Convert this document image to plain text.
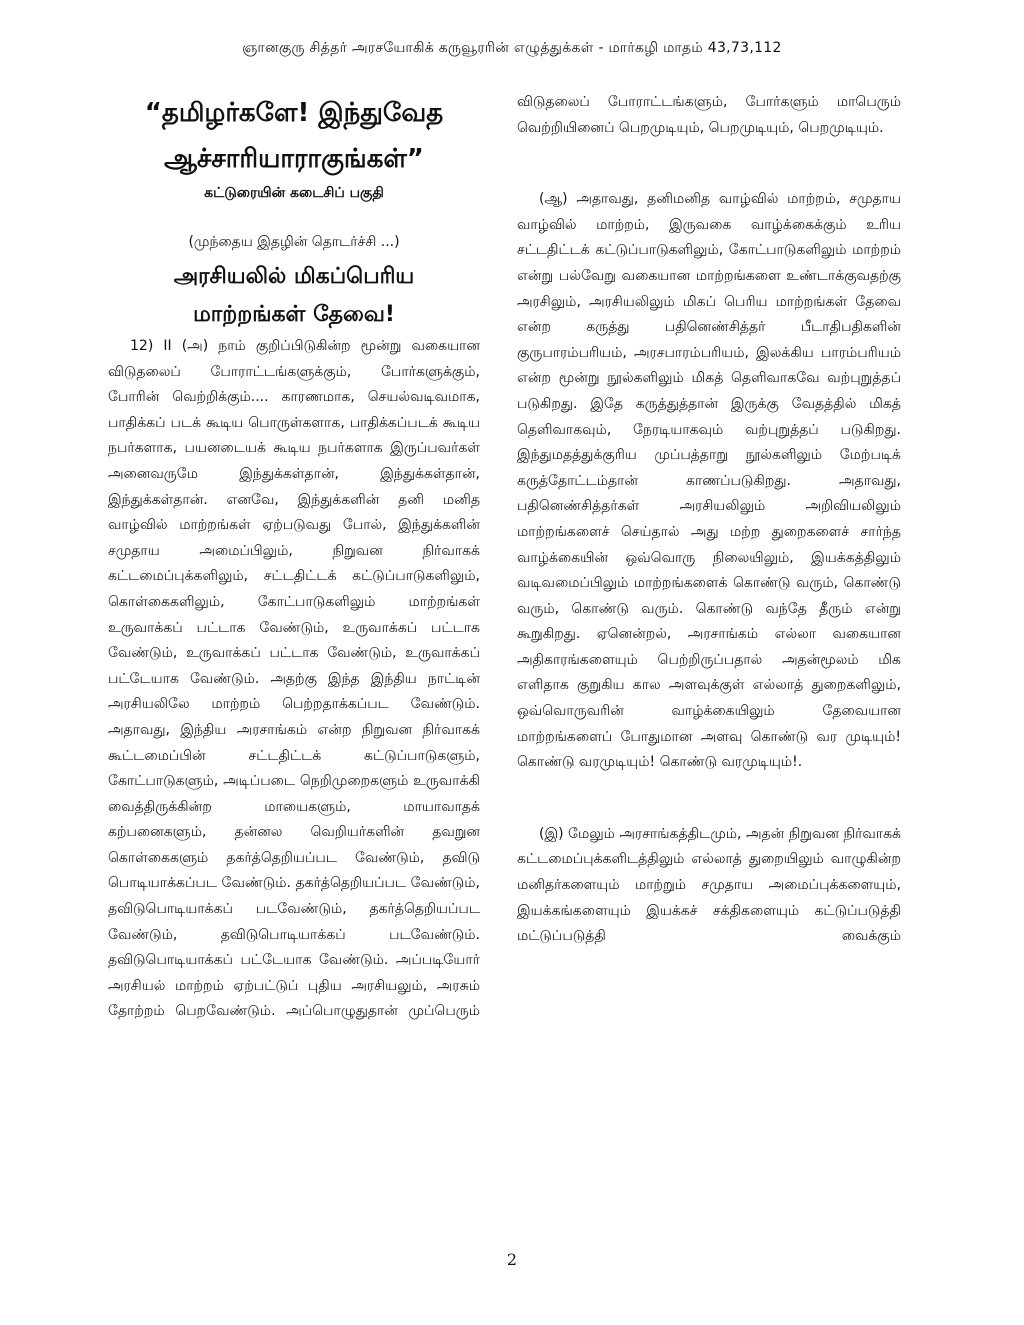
ஞானகுரு சித்தர் அரசயோகிக் கருவூரரின் எழுத்துக்கள் - மார்கழி மாதம் 43,73,112
“தமிழர்களே! இந்துவேத
ஆச்சாரியாராகுங்கள்”
கட்டுரையின் கடைசிப் பகுதி
(முந்தைய இதழின் தொடர்ச்சி ...)
அரசியலில் மிகப்பெரிய
மாற்றங்கள் தேவை!

12) II (அ) நாம் குறிப்பிடுகின்ற மூன்று வகையான விடுதலைப் போராட்டங்களுக்கும், போர்களுக்கும், போரின் வெற்றிக்கும்.... காரணமாக, செயல்வடிவமாக, பாதிக்கப் படக் கூடிய பொருள்களாக, பாதிக்கப்படக் கூடிய நபர்களாக, பயனடையக் கூடிய நபர்களாக இருப்பவர்கள் அனைவருமே இந்துக்கள்தான், இந்துக்கள்தான், இந்துக்கள்தான். எனவே, இந்துக்களின் தனி மனித வாழ்வில் மாற்றங்கள் ஏற்படுவது போல், இந்துக்களின் சமுதாய அமைப்பிலும், நிறுவன நிர்வாகக் கட்டமைப்புக்களிலும், சட்டதிட்டக் கட்டுப்பாடுகளிலும், கொள்கைகளிலும், கோட்பாடுகளிலும் மாற்றங்கள் உருவாக்கப் பட்டாக வேண்டும், உருவாக்கப் பட்டாக வேண்டும், உருவாக்கப் பட்டாக வேண்டும், உருவாக்கப் பட்டேயாக வேண்டும். அதற்கு இந்த இந்திய நாட்டின் அரசியலிலே மாற்றம் பெற்றதாக்கப்பட வேண்டும். அதாவது, இந்திய அரசாங்கம் என்ற நிறுவன நிர்வாகக் கூட்டமைப்பின் சட்டதிட்டக் கட்டுப்பாடுகளும், கோட்பாடுகளும், அடிப்படை நெறிமுறைகளும் உருவாக்கி வைத்திருக்கின்ற மாயைகளும், மாயாவாதக் கற்பனைகளும், தன்னல வெறியர்களின் தவறுன கொள்கைகளும் தகர்த்தெறியப்பட வேண்டும், தவிடு பொடியாக்கப்பட வேண்டும். தகர்த்தெறியப்பட வேண்டும், தவிடுபொடியாக்கப் படவேண்டும், தகர்த்தெறியப்பட வேண்டும், தவிடுபொடியாக்கப் படவேண்டும். தவிடுபொடியாக்கப் பட்டேயாக வேண்டும். அப்படியோர் அரசியல் மாற்றம் ஏற்பட்டுப் புதிய அரசியலும், அரசும் தோற்றம் பெறவேண்டும். அப்பொழுதுதான் முப்பெரும்

விடுதலைப் போராட்டங்களும், போர்களும் மாபெரும் வெற்றியினைப் பெறமுடியும், பெறமுடியும், பெறமுடியும்.

(ஆ) அதாவது, தனிமனித வாழ்வில் மாற்றம், சமுதாய வாழ்வில் மாற்றம், இருவகை வாழ்க்கைக்கும் உரிய சட்டதிட்டக் கட்டுப்பாடுகளிலும், கோட்பாடுகளிலும் மாற்றம் என்று பல்வேறு வகையான மாற்றங்களை உண்டாக்குவதற்கு அரசிலும், அரசியலிலும் மிகப் பெரிய மாற்றங்கள் தேவை என்ற கருத்து பதினெண்சித்தர் பீடாதிபதிகளின் குருபாரம்பரியம், அரசபாரம்பரியம், இலக்கிய பாரம்பரியம் என்ற மூன்று நூல்களிலும் மிகத் தெளிவாகவே வற்புறுத்தப் படுகிறது. இதே கருத்துத்தான் இருக்கு வேதத்தில் மிகத் தெளிவாகவும், நேரடியாகவும் வற்புறுத்தப் படுகிறது. இந்துமதத்துக்குரிய முப்பத்தாறு நூல்களிலும் மேற்படிக் கருத்தோட்டம்தான் காணப்படுகிறது. அதாவது, பதினெண்சித்தர்கள் அரசியலிலும் அறிவியலிலும் மாற்றங்களைச் செய்தால் அது மற்ற துறைகளைச் சார்ந்த வாழ்க்கையின் ஒவ்வொரு நிலையிலும், இயக்கத்திலும் வடிவமைப்பிலும் மாற்றங்களைக் கொண்டு வரும், கொண்டு வரும், கொண்டு வரும். கொண்டு வந்தே தீரும் என்று கூறுகிறது. ஏனென்றல், அரசாங்கம் எல்லா வகையான அதிகாரங்களையும் பெற்றிருப்பதால் அதன்மூலம் மிக எளிதாக குறுகிய கால அளவுக்குள் எல்லாத் துறைகளிலும், ஒவ்வொருவரின் வாழ்க்கையிலும் தேவையான மாற்றங்களைப் போதுமான அளவு கொண்டு வர முடியும்! கொண்டு வரமுடியும்! கொண்டு வரமுடியும்!.

(இ) மேலும் அரசாங்கத்திடமும், அதன் நிறுவன நிர்வாகக் கட்டமைப்புக்களிடத்திலும் எல்லாத் துறையிலும் வாழுகின்ற மனிதர்களையும் மாற்றும் சமுதாய அமைப்புக்களையும், இயக்கங்களையும் இயக்கச் சக்திகளையும் கட்டுப்படுத்தி மட்டுப்படுத்தி வைக்கும்

2
